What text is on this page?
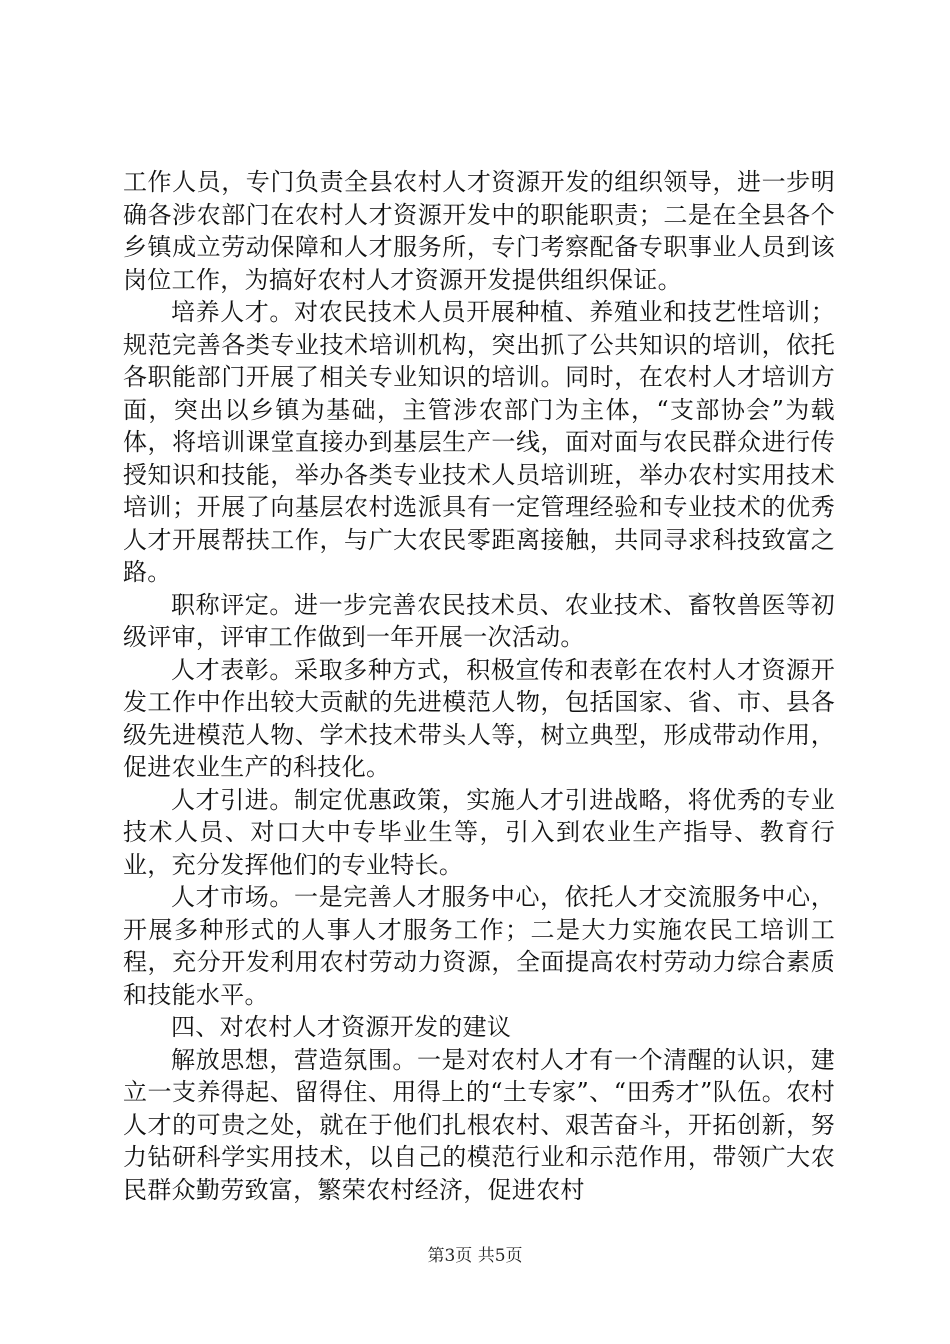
工作人员，专门负责全县农村人才资源开发的组织领导，进一步明确各涉农部门在农村人才资源开发中的职能职责；二是在全县各个乡镇成立劳动保障和人才服务所，专门考察配备专职事业人员到该岗位工作，为搞好农村人才资源开发提供组织保证。

培养人才。对农民技术人员开展种植、养殖业和技艺性培训；规范完善各类专业技术培训机构，突出抓了公共知识的培训，依托各职能部门开展了相关专业知识的培训。同时，在农村人才培训方面，突出以乡镇为基础，主管涉农部门为主体，“支部协会”为载体，将培训课堂直接办到基层生产一线，面对面与农民群众进行传授知识和技能，举办各类专业技术人员培训班，举办农村实用技术培训；开展了向基层农村选派具有一定管理经验和专业技术的优秀人才开展帮扶工作，与广大农民零距离接触，共同寻求科技致富之路。

职称评定。进一步完善农民技术员、农业技术、畜牧兽医等初级评审，评审工作做到一年开展一次活动。

人才表彰。采取多种方式，积极宣传和表彰在农村人才资源开发工作中作出较大贡献的先进模范人物，包括国家、省、市、县各级先进模范人物、学术技术带头人等，树立典型，形成带动作用，促进农业生产的科技化。

人才引进。制定优惠政策，实施人才引进战略，将优秀的专业技术人员、对口大中专毕业生等，引入到农业生产指导、教育行业，充分发挥他们的专业特长。

人才市场。一是完善人才服务中心，依托人才交流服务中心，开展多种形式的人事人才服务工作；二是大力实施农民工培训工程，充分开发利用农村劳动力资源，全面提高农村劳动力综合素质和技能水平。

四、对农村人才资源开发的建议

解放思想，营造氛围。一是对农村人才有一个清醒的认识，建立一支养得起、留得住、用得上的“土专家”、“田秀才”队伍。农村人才的可贵之处，就在于他们扎根农村、艰苦奋斗，开拓创新，努力钻研科学实用技术，以自己的模范行业和示范作用，带领广大农民群众勤劳致富，繁荣农村经济，促进农村

第3页 共5页
